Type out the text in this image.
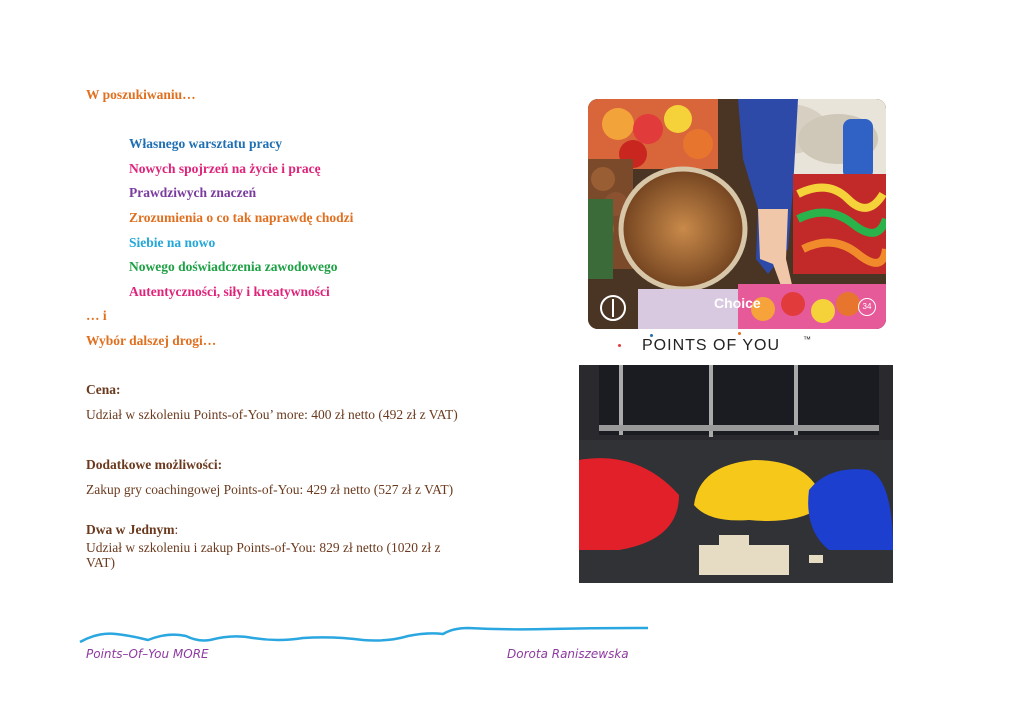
W poszukiwaniu…
Własnego warsztatu pracy
Nowych spojrzeń na życie i pracę
Prawdziwych znaczeń
Zrozumienia o co tak naprawdę chodzi
Siebie na nowo
Nowego doświadczenia zawodowego
Autentyczności, siły i kreatywności
… i
Wybór dalszej drogi…
Cena:
Udział w szkoleniu Points-of-You’ more: 400 zł netto (492 zł z VAT)
Dodatkowe możliwości:
Zakup gry coachingowej Points-of-You: 429 zł netto (527 zł z VAT)
Dwa w Jednym:
Udział w szkoleniu i zakup Points-of-You: 829 zł netto (1020 zł z VAT)
Choice	34
POINTS OF YOU	™
Points–Of–You MORE	Dorota Raniszewska
